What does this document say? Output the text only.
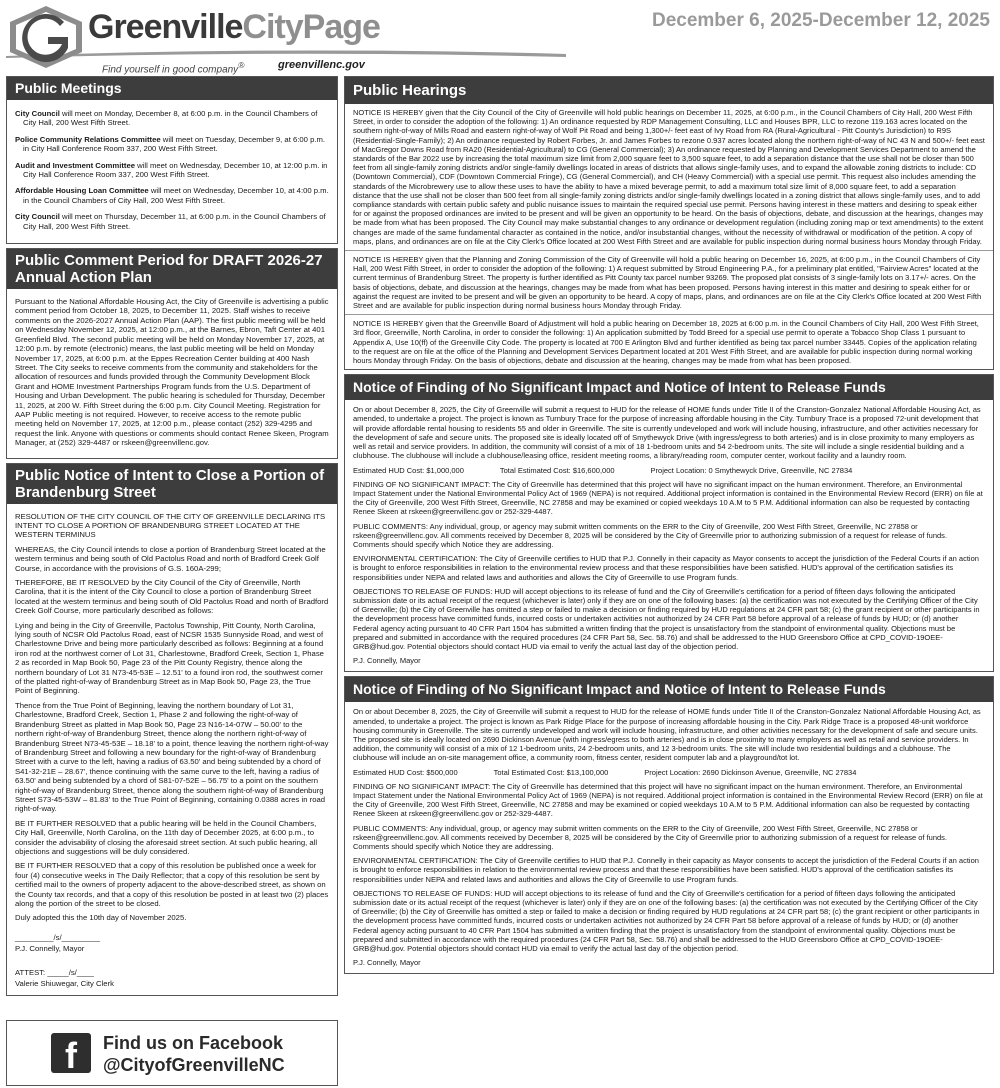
GreenvilleCityPage
Find yourself in good company®	greenvillenc.gov
December 6, 2025-December 12, 2025
Public Meetings
City Council will meet on Monday, December 8, at 6:00 p.m. in the Council Chambers of City Hall, 200 West Fifth Street.
Police Community Relations Committee will meet on Tuesday, December 9, at 6:00 p.m. in City Hall Conference Room 337, 200 West Fifth Street.
Audit and Investment Committee will meet on Wednesday, December 10, at 12:00 p.m. in City Hall Conference Room 337, 200 West Fifth Street.
Affordable Housing Loan Committee will meet on Wednesday, December 10, at 4:00 p.m. in the Council Chambers of City Hall, 200 West Fifth Street.
City Council will meet on Thursday, December 11, at 6:00 p.m. in the Council Chambers of City Hall, 200 West Fifth Street.
Public Comment Period for DRAFT 2026-27 Annual Action Plan

Pursuant to the National Affordable Housing Act, the City of Greenville is advertising a public comment period from October 18, 2025, to December 11, 2025. Staff wishes to receive comments on the 2026-2027 Annual Action Plan (AAP). The first public meeting will be held on Wednesday November 12, 2025, at 12:00 p.m., at the Barnes, Ebron, Taft Center at 401 Greenfield Blvd. The second public meeting will be held on Monday November 17, 2025, at 12:00 p.m. by remote (electronic) means, the last public meeting will be held on Monday November 17, 2025, at 6:00 p.m. at the Eppes Recreation Center building at 400 Nash Street. The City seeks to receive comments from the community and stakeholders for the allocation of resources and funds provided through the Community Development Block Grant and HOME Investment Partnerships Program funds from the U.S. Department of Housing and Urban Development. The public hearing is scheduled for Thursday, December 11, 2025, at 200 W. Fifth Street during the 6:00 p.m. City Council Meeting. Registration for AAP Public meeting is not required. However, to receive access to the remote public meeting held on November 17, 2025, at 12:00 p.m., please contact (252) 329-4295 and request the link. Anyone with questions or comments should contact Renee Skeen, Program Manager, at (252) 329-4487 or rskeen@greenvillenc.gov.

Public Notice of Intent to Close a Portion of Brandenburg Street

RESOLUTION OF THE CITY COUNCIL OF THE CITY OF GREENVILLE DECLARING ITS INTENT TO CLOSE A PORTION OF BRANDENBURG STREET LOCATED AT THE WESTERN TERMINUS

WHEREAS, the City Council intends to close a portion of Brandenburg Street located at the western terminus and being south of Old Pactolus Road and north of Bradford Creek Golf Course, in accordance with the provisions of G.S. 160A-299;

THEREFORE, BE IT RESOLVED by the City Council of the City of Greenville, North Carolina, that it is the intent of the City Council to close a portion of Brandenburg Street located at the western terminus and being south of Old Pactolus Road and north of Bradford Creek Golf Course, more particularly described as follows:

Lying and being in the City of Greenville, Pactolus Township, Pitt County, North Carolina, lying south of NCSR Old Pactolus Road, east of NCSR 1535 Sunnyside Road, and west of Charlestowne Drive and being more particularly described as follows: Beginning at a found iron rod at the northwest corner of Lot 31, Charlestowne, Bradford Creek, Section 1, Phase 2 as recorded in Map Book 50, Page 23 of the Pitt County Registry, thence along the northern boundary of Lot 31 N73-45-53E – 12.51' to a found iron rod, the southwest corner of the platted right-of-way of Brandenburg Street as in Map Book 50, Page 23, the True Point of Beginning.

Thence from the True Point of Beginning, leaving the northern boundary of Lot 31, Charlestowne, Bradford Creek, Section 1, Phase 2 and following the right-of-way of Brandenburg Street as platted in Map Book 50, Page 23 N16-14-07W – 50.00' to the northern right-of-way of Brandenburg Street, thence along the northern right-of-way of Brandenburg Street N73-45-53E – 18.18' to a point, thence leaving the northern right-of-way of Brandenburg Street and following a new boundary for the right-of-way of Brandenburg Street with a curve to the left, having a radius of 63.50' and being subtended by a chord of S41-32-21E – 28.67', thence continuing with the same curve to the left, having a radius of 63.50' and being subtended by a chord of S81-07-52E – 56.75' to a point on the southern right-of-way of Brandenburg Street, thence along the southern right-of-way of Brandenburg Street S73-45-53W – 81.83' to the True Point of Beginning, containing 0.0388 acres in road right-of-way.

BE IT FURTHER RESOLVED that a public hearing will be held in the Council Chambers, City Hall, Greenville, North Carolina, on the 11th day of December 2025, at 6:00 p.m., to consider the advisability of closing the aforesaid street section. At such public hearing, all objections and suggestions will be duly considered.

BE IT FURTHER RESOLVED that a copy of this resolution be published once a week for four (4) consecutive weeks in The Daily Reflector; that a copy of this resolution be sent by certified mail to the owners of property adjacent to the above-described street, as shown on the County tax records, and that a copy of this resolution be posted in at least two (2) places along the portion of the street to be closed.

Duly adopted this the 10th day of November 2025.

_________/s/_________

P.J. Connelly, Mayor

ATTEST: _____/s/____

Valerie Shiuwegar, City Clerk

f	Find us on Facebook
@CityofGreenvilleNC
Public Hearings
NOTICE IS HEREBY given that the City Council of the City of Greenville will hold public hearings on December 11, 2025, at 6:00 p.m., in the Council Chambers of City Hall, 200 West Fifth Street, in order to consider the adoption of the following: 1) An ordinance requested by RDP Management Consulting, LLC and Houses BPR, LLC to rezone 119.163 acres located on the southern right-of-way of Mills Road and eastern right-of-way of Wolf Pit Road and being 1,300+/- feet east of Ivy Road from RA (Rural-Agricultural - Pitt County's Jurisdiction) to R9S (Residential-Single-Family); 2) An ordinance requested by Robert Forbes, Jr. and James Forbes to rezone 0.937 acres located along the northern right-of-way of NC 43 N and 500+/- feet east of MacGregor Downs Road from RA20 (Residential-Agricultural) to CG (General Commercial); 3) An ordinance requested by Planning and Development Services Department to amend the standards of the Bar 2022 use by increasing the total maximum size limit from 2,000 square feet to 3,500 square feet, to add a separation distance that the use shall not be closer than 500 feet from all single-family zoning districts and/or single-family dwellings located in areas of districts that allows single-family uses, and to expand the allowable zoning districts to include: CD (Downtown Commercial), CDF (Downtown Commercial Fringe), CG (General Commercial), and CH (Heavy Commercial) with a special use permit. This request also includes amending the standards of the Microbrewery use to allow these uses to have the ability to have a mixed beverage permit, to add a maximum total size limit of 8,000 square feet, to add a separation distance that the use shall not be closer than 500 feet from all single-family zoning districts and/or single-family dwellings located in a zoning district that allows single-family uses, and to add compliance standards with certain public safety and public nuisance issues to maintain the required special use permit. Persons having interest in these matters and desiring to speak either for or against the proposed ordinances are invited to be present and will be given an opportunity to be heard. On the basis of objections, debate, and discussion at the hearings, changes may be made from what has been proposed. The City Council may make substantial changes to any ordinance or development regulation (including zoning map or text amendments) to the extent changes are made of the same fundamental character as contained in the notice, and/or insubstantial changes, without the necessity of withdrawal or modification of the petition. A copy of maps, plans, and ordinances are on file at the City Clerk's Office located at 200 West Fifth Street and are available for public inspection during normal business hours Monday through Friday.
NOTICE IS HEREBY given that the Planning and Zoning Commission of the City of Greenville will hold a public hearing on December 16, 2025, at 6:00 p.m., in the Council Chambers of City Hall, 200 West Fifth Street, in order to consider the adoption of the following: 1) A request submitted by Stroud Engineering P.A., for a preliminary plat entitled, "Fairview Acres" located at the current terminus of Brandenburg Street. The property is further identified as Pitt County tax parcel number 93269. The proposed plat consists of 3 single-family lots on 3.17+/- acres. On the basis of objections, debate, and discussion at the hearings, changes may be made from what has been proposed. Persons having interest in this matter and desiring to speak either for or against the request are invited to be present and will be given an opportunity to be heard. A copy of maps, plans, and ordinances are on file at the City Clerk's Office located at 200 West Fifth Street and are available for public inspection during normal business hours Monday through Friday.
NOTICE IS HEREBY given that the Greenville Board of Adjustment will hold a public hearing on December 18, 2025 at 6:00 p.m. in the Council Chambers of City Hall, 200 West Fifth Street, 3rd floor, Greenville, North Carolina, in order to consider the following: 1) An application submitted by Todd Breed for a special use permit to operate a Tobacco Shop Class 1 pursuant to Appendix A, Use 10(ff) of the Greenville City Code. The property is located at 700 E Arlington Blvd and further identified as being tax parcel number 33445. Copies of the application relating to the request are on file at the office of the Planning and Development Services Department located at 201 West Fifth Street, and are available for public inspection during normal working hours Monday through Friday. On the basis of objections, debate and discussion at the hearing, changes may be made from what has been proposed.
Notice of Finding of No Significant Impact and Notice of Intent to Release Funds

On or about December 8, 2025, the City of Greenville will submit a request to HUD for the release of HOME funds under Title II of the Cranston-Gonzalez National Affordable Housing Act, as amended, to undertake a project. The project is known as Turnbury Trace for the purpose of increasing affordable housing in the City. Turnbury Trace is a proposed 72-unit development that will provide affordable rental housing to residents 55 and older in Greenville. The site is currently undeveloped and work will include housing, infrastructure, and other activities necessary for the development of safe and secure units. The proposed site is ideally located off of Smythewyck Drive (with ingress/egress to both arteries) and is in close proximity to many employers as well as retail and service providers. In addition, the community will consist of a mix of 18 1-bedroom units and 54 2-bedroom units. The site will include a single residential building and a clubhouse. The clubhouse will include a clubhouse/leasing office, resident meeting rooms, a library/reading room, computer center, workout facility and a laundry room.

Estimated HUD Cost: $1,000,000	Total Estimated Cost: $16,600,000	Project Location: 0 Smythewyck Drive, Greenville, NC 27834

FINDING OF NO SIGNIFICANT IMPACT: The City of Greenville has determined that this project will have no significant impact on the human environment. Therefore, an Environmental Impact Statement under the National Environmental Policy Act of 1969 (NEPA) is not required. Additional project information is contained in the Environmental Review Record (ERR) on file at the City of Greenville, 200 West Fifth Street, Greenville, NC 27858 and may be examined or copied weekdays 10 A.M to 5 P.M. Additional information can also be requested by contacting Renee Skeen at rskeen@greenvillenc.gov or 252-329-4487.

PUBLIC COMMENTS: Any individual, group, or agency may submit written comments on the ERR to the City of Greenville, 200 West Fifth Street, Greenville, NC 27858 or rskeen@greenvillenc.gov. All comments received by December 8, 2025 will be considered by the City of Greenville prior to authorizing submission of a request for release of funds. Comments should specify which Notice they are addressing.

ENVIRONMENTAL CERTIFICATION: The City of Greenville certifies to HUD that P.J. Connelly in their capacity as Mayor consents to accept the jurisdiction of the Federal Courts if an action is brought to enforce responsibilities in relation to the environmental review process and that these responsibilities have been satisfied. HUD's approval of the certification satisfies its responsibilities under NEPA and related laws and authorities and allows the City of Greenville to use Program funds.

OBJECTIONS TO RELEASE OF FUNDS: HUD will accept objections to its release of fund and the City of Greenville's certification for a period of fifteen days following the anticipated submission date or its actual receipt of the request (whichever is later) only if they are on one of the following bases: (a) the certification was not executed by the Certifying Officer of the City of Greenville; (b) the City of Greenville has omitted a step or failed to make a decision or finding required by HUD regulations at 24 CFR part 58; (c) the grant recipient or other participants in the development process have committed funds, incurred costs or undertaken activities not authorized by 24 CFR Part 58 before approval of a release of funds by HUD; or (d) another Federal agency acting pursuant to 40 CFR Part 1504 has submitted a written finding that the project is unsatisfactory from the standpoint of environmental quality. Objections must be prepared and submitted in accordance with the required procedures (24 CFR Part 58, Sec. 58.76) and shall be addressed to the HUD Greensboro Office at CPD_COVID-19OEE-GRB@hud.gov. Potential objectors should contact HUD via email to verify the actual last day of the objection period.

P.J. Connelly, Mayor

Notice of Finding of No Significant Impact and Notice of Intent to Release Funds

On or about December 8, 2025, the City of Greenville will submit a request to HUD for the release of HOME funds under Title II of the Cranston-Gonzalez National Affordable Housing Act, as amended, to undertake a project. The project is known as Park Ridge Place for the purpose of increasing affordable housing in the City. Park Ridge Trace is a proposed 48-unit workforce housing community in Greenville. The site is currently undeveloped and work will include housing, infrastructure, and other activities necessary for the development of safe and secure units. The proposed site is ideally located on 2690 Dickinson Avenue (with ingress/egress to both arteries) and is in close proximity to many employers as well as retail and service providers. In addition, the community will consist of a mix of 12 1-bedroom units, 24 2-bedroom units, and 12 3-bedroom units. The site will include two residential buildings and a clubhouse. The clubhouse will include an on-site management office, a community room, fitness center, resident computer lab and a playground/tot lot.

Estimated HUD Cost: $500,000	Total Estimated Cost: $13,100,000	Project Location: 2690 Dickinson Avenue, Greenville, NC 27834

FINDING OF NO SIGNIFICANT IMPACT: The City of Greenville has determined that this project will have no significant impact on the human environment. Therefore, an Environmental Impact Statement under the National Environmental Policy Act of 1969 (NEPA) is not required. Additional project information is contained in the Environmental Review Record (ERR) on file at the City of Greenville, 200 West Fifth Street, Greenville, NC 27858 and may be examined or copied weekdays 10 A.M to 5 P.M. Additional information can also be requested by contacting Renee Skeen at rskeen@greenvillenc.gov or 252-329-4487.

PUBLIC COMMENTS: Any individual, group, or agency may submit written comments on the ERR to the City of Greenville, 200 West Fifth Street, Greenville, NC 27858 or rskeen@greenvillenc.gov. All comments received by December 8, 2025 will be considered by the City of Greenville prior to authorizing submission of a request for release of funds. Comments should specify which Notice they are addressing.

ENVIRONMENTAL CERTIFICATION: The City of Greenville certifies to HUD that P.J. Connelly in their capacity as Mayor consents to accept the jurisdiction of the Federal Courts if an action is brought to enforce responsibilities in relation to the environmental review process and that these responsibilities have been satisfied. HUD's approval of the certification satisfies its responsibilities under NEPA and related laws and authorities and allows the City of Greenville to use Program funds.

OBJECTIONS TO RELEASE OF FUNDS: HUD will accept objections to its release of fund and the City of Greenville's certification for a period of fifteen days following the anticipated submission date or its actual receipt of the request (whichever is later) only if they are on one of the following bases: (a) the certification was not executed by the Certifying Officer of the City of Greenville; (b) the City of Greenville has omitted a step or failed to make a decision or finding required by HUD regulations at 24 CFR part 58; (c) the grant recipient or other participants in the development process have committed funds, incurred costs or undertaken activities not authorized by 24 CFR Part 58 before approval of a release of funds by HUD; or (d) another Federal agency acting pursuant to 40 CFR Part 1504 has submitted a written finding that the project is unsatisfactory from the standpoint of environmental quality. Objections must be prepared and submitted in accordance with the required procedures (24 CFR Part 58, Sec. 58.76) and shall be addressed to the HUD Greensboro Office at CPD_COVID-19OEE-GRB@hud.gov. Potential objectors should contact HUD via email to verify the actual last day of the objection period.

P.J. Connelly, Mayor
